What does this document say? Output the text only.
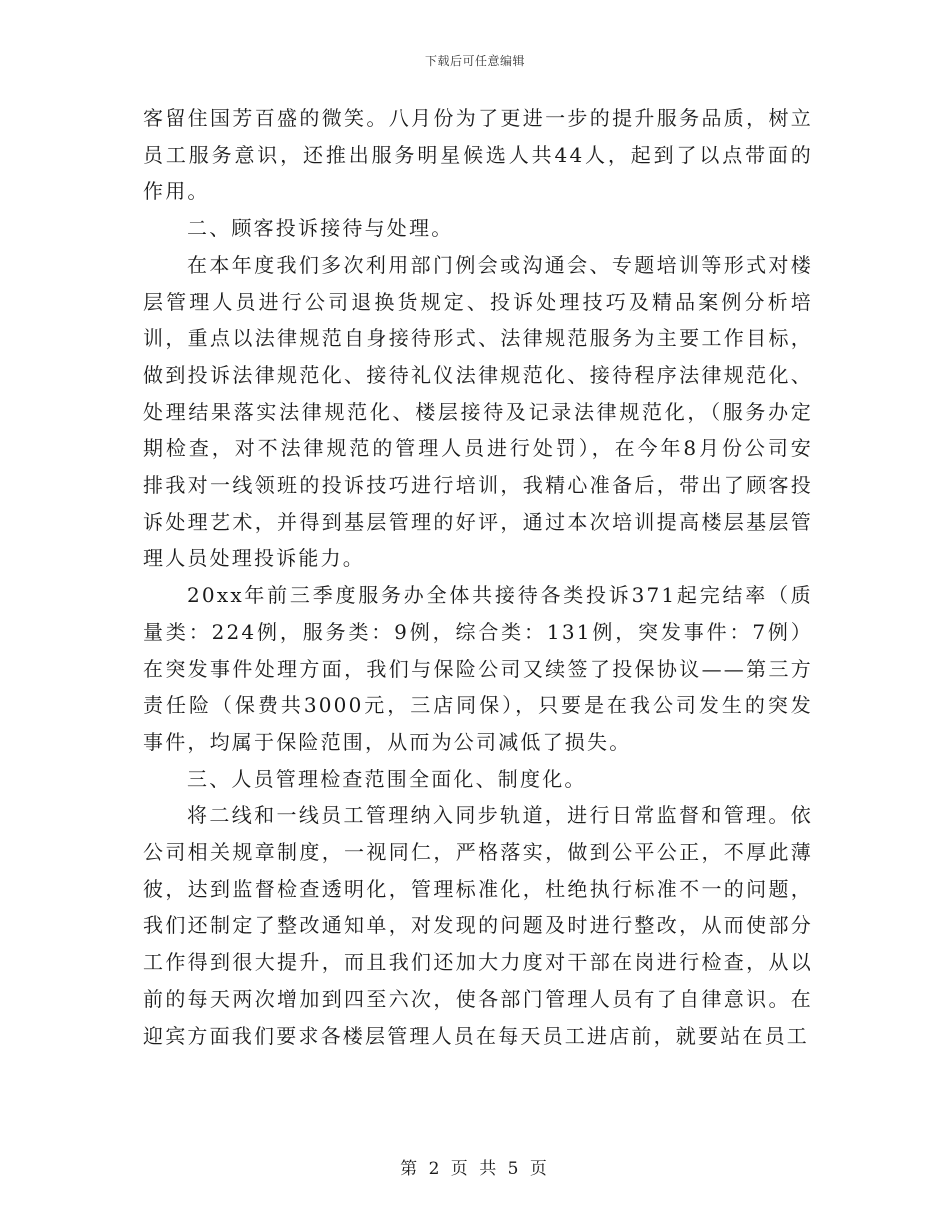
下载后可任意编辑

客留住国芳百盛的微笑。八月份为了更进一步的提升服务品质，树立员工服务意识，还推出服务明星候选人共44人，起到了以点带面的作用。

二、顾客投诉接待与处理。

在本年度我们多次利用部门例会或沟通会、专题培训等形式对楼层管理人员进行公司退换货规定、投诉处理技巧及精品案例分析培训，重点以法律规范自身接待形式、法律规范服务为主要工作目标，做到投诉法律规范化、接待礼仪法律规范化、接待程序法律规范化、处理结果落实法律规范化、楼层接待及记录法律规范化，（服务办定期检查，对不法律规范的管理人员进行处罚），在今年8月份公司安排我对一线领班的投诉技巧进行培训，我精心准备后，带出了顾客投诉处理艺术，并得到基层管理的好评，通过本次培训提高楼层基层管理人员处理投诉能力。

20xx年前三季度服务办全体共接待各类投诉371起完结率（质量类：224例，服务类：9例，综合类：131例，突发事件：7例）在突发事件处理方面，我们与保险公司又续签了投保协议——第三方责任险（保费共3000元，三店同保），只要是在我公司发生的突发事件，均属于保险范围，从而为公司减低了损失。

三、人员管理检查范围全面化、制度化。

将二线和一线员工管理纳入同步轨道，进行日常监督和管理。依公司相关规章制度，一视同仁，严格落实，做到公平公正，不厚此薄彼，达到监督检查透明化，管理标准化，杜绝执行标准不一的问题，我们还制定了整改通知单，对发现的问题及时进行整改，从而使部分工作得到很大提升，而且我们还加大力度对干部在岗进行检查，从以前的每天两次增加到四至六次，使各部门管理人员有了自律意识。在迎宾方面我们要求各楼层管理人员在每天员工进店前，就要站在员工

第 2 页 共 5 页
